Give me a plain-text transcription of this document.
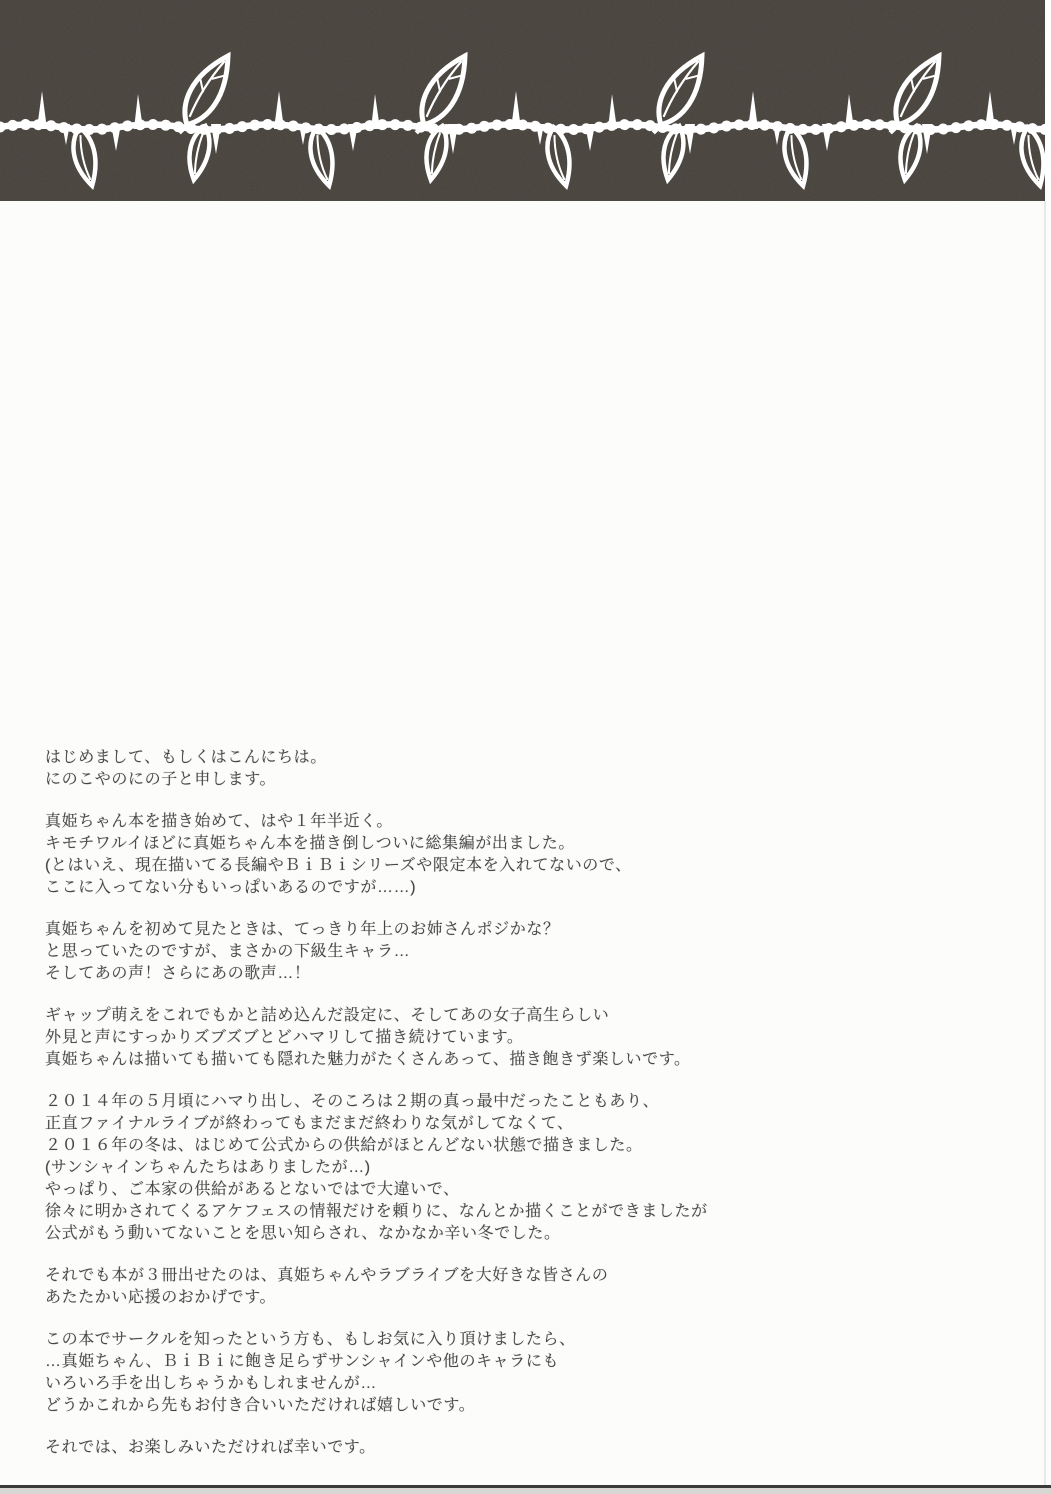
はじめまして、もしくはこんにちは。
にのこやのにの子と申します。

真姫ちゃん本を描き始めて、はや１年半近く。
キモチワルイほどに真姫ちゃん本を描き倒しついに総集編が出ました。
(とはいえ、現在描いてる長編やＢｉＢｉシリーズや限定本を入れてないので、
ここに入ってない分もいっぱいあるのですが……)

真姫ちゃんを初めて見たときは、てっきり年上のお姉さんポジかな？
と思っていたのですが、まさかの下級生キャラ…
そしてあの声！さらにあの歌声…！

ギャップ萌えをこれでもかと詰め込んだ設定に、そしてあの女子高生らしい
外見と声にすっかりズブズブとどハマリして描き続けています。
真姫ちゃんは描いても描いても隠れた魅力がたくさんあって、描き飽きず楽しいです。

２０１４年の５月頃にハマり出し、そのころは２期の真っ最中だったこともあり、
正直ファイナルライブが終わってもまだまだ終わりな気がしてなくて、
２０１６年の冬は、はじめて公式からの供給がほとんどない状態で描きました。
(サンシャインちゃんたちはありましたが…)
やっぱり、ご本家の供給があるとないではで大違いで、
徐々に明かされてくるアケフェスの情報だけを頼りに、なんとか描くことができましたが
公式がもう動いてないことを思い知らされ、なかなか辛い冬でした。

それでも本が３冊出せたのは、真姫ちゃんやラブライブを大好きな皆さんの
あたたかい応援のおかげです。

この本でサークルを知ったという方も、もしお気に入り頂けましたら、
…真姫ちゃん、ＢｉＢｉに飽き足らずサンシャインや他のキャラにも
いろいろ手を出しちゃうかもしれませんが…
どうかこれから先もお付き合いいただければ嬉しいです。

それでは、お楽しみいただければ幸いです。
